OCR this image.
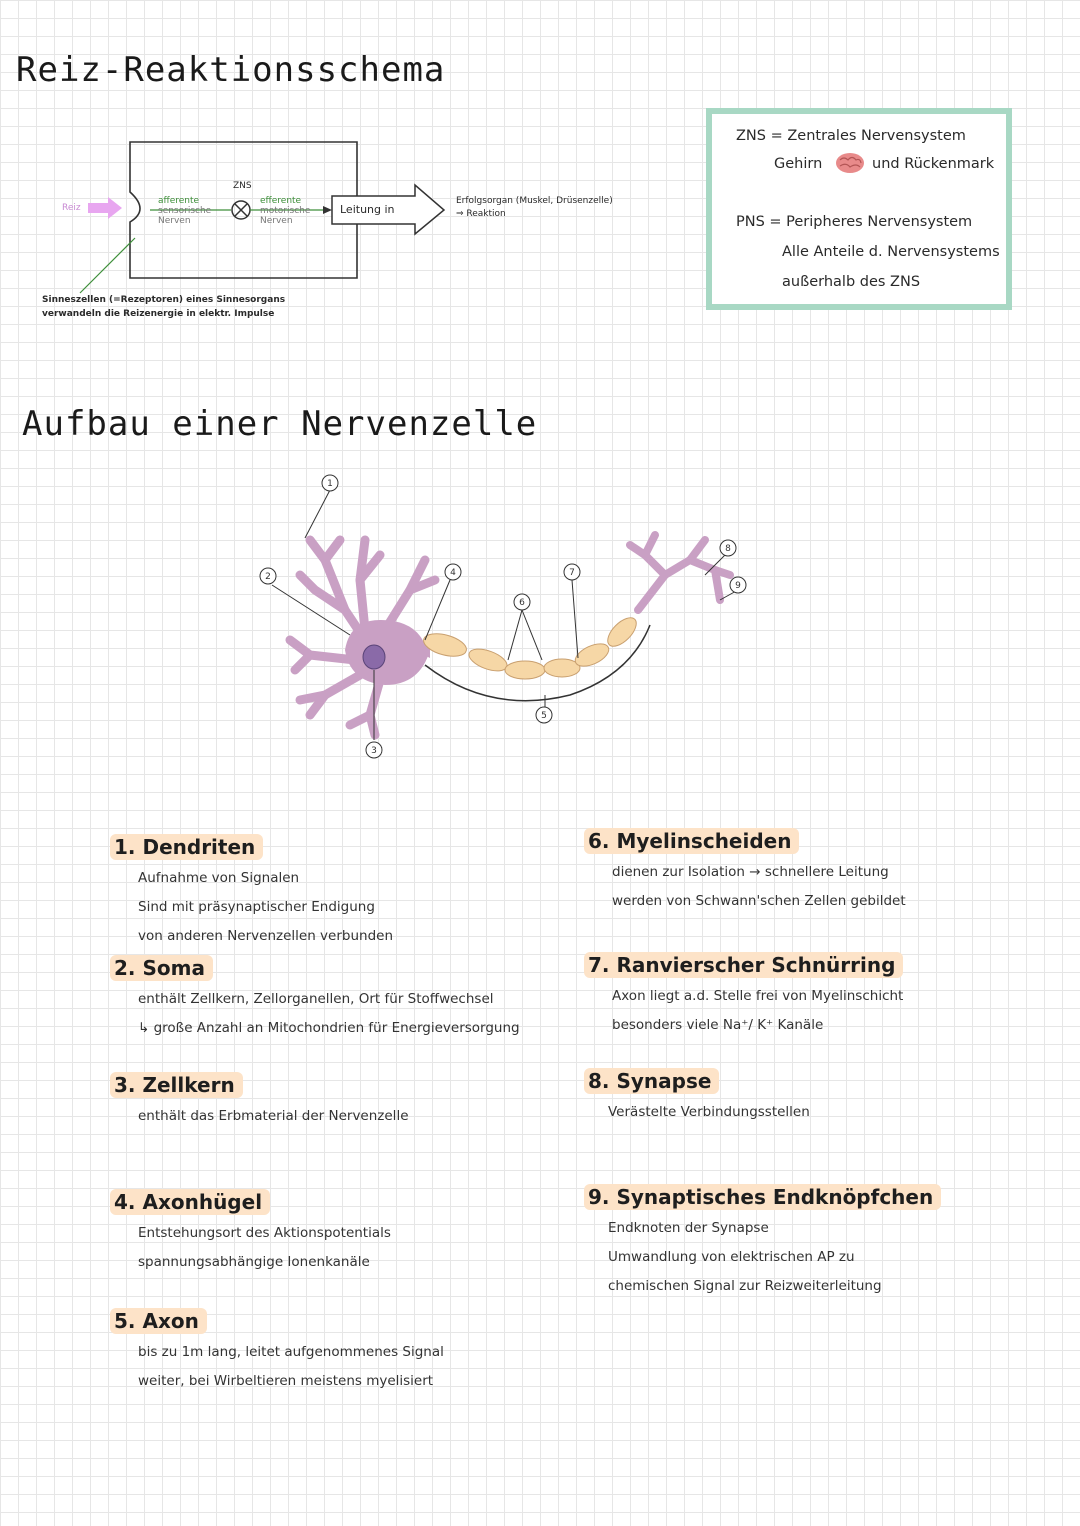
Reiz-Reaktionsschema
Reiz
ZNS
afferente
sensorische
Nerven
efferente
motorische
Nerven
Leitung in
Erfolgsorgan (Muskel, Drüsenzelle)
⇒ Reaktion
Sinneszellen (=Rezeptoren) eines Sinnesorgans
verwandeln die Reizenergie in elektr. Impulse
ZNS = Zentrales Nervensystem
Gehirn	und Rückenmark
PNS = Peripheres Nervensystem
Alle Anteile d. Nervensystems
außerhalb des ZNS
Aufbau einer Nervenzelle
1
2
3
4
5
6
7
8
9
1. Dendriten
Aufnahme von Signalen
Sind mit präsynaptischer Endigung
von anderen Nervenzellen verbunden
2. Soma
enthält Zellkern, Zellorganellen, Ort für Stoffwechsel
↳ große Anzahl an Mitochondrien für Energieversorgung
3. Zellkern
enthält das Erbmaterial der Nervenzelle
4. Axonhügel
Entstehungsort des Aktionspotentials
spannungsabhängige Ionenkanäle
5. Axon
bis zu 1m lang, leitet aufgenommenes Signal
weiter, bei Wirbeltieren meistens myelisiert
6. Myelinscheiden
dienen zur Isolation → schnellere Leitung
werden von Schwann'schen Zellen gebildet
7. Ranvierscher Schnürring
Axon liegt a.d. Stelle frei von Myelinschicht
besonders viele Na⁺/ K⁺ Kanäle
8. Synapse
Verästelte Verbindungsstellen
9. Synaptisches Endknöpfchen
Endknoten der Synapse
Umwandlung von elektrischen AP zu
chemischen Signal zur Reizweiterleitung
